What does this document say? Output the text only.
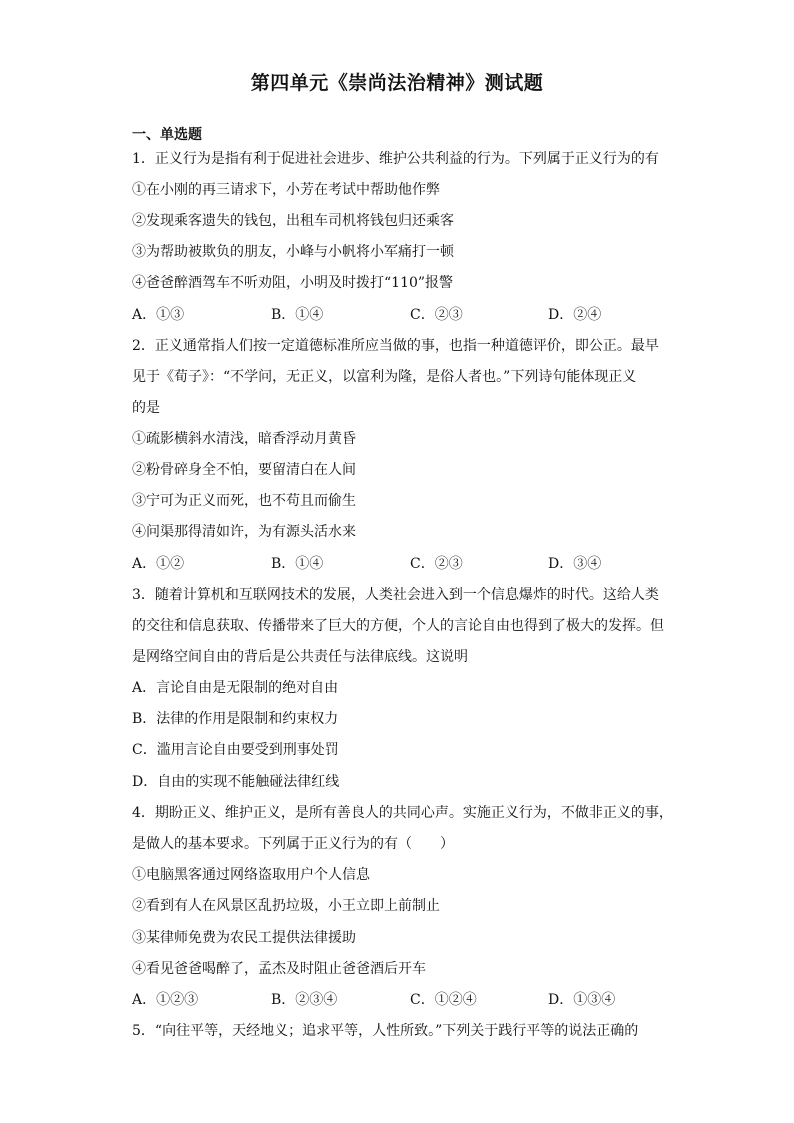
第四单元《崇尚法治精神》测试题
一、单选题
1．正义行为是指有利于促进社会进步、维护公共利益的行为。下列属于正义行为的有
①在小刚的再三请求下，小芳在考试中帮助他作弊
②发现乘客遗失的钱包，出租车司机将钱包归还乘客
③为帮助被欺负的朋友，小峰与小帆将小军痛打一顿
④爸爸醉酒驾车不听劝阻，小明及时拨打“110”报警
A．①③	B．①④	C．②③	D．②④
2．正义通常指人们按一定道德标准所应当做的事，也指一种道德评价，即公正。最早
见于《荀子》：“不学问，无正义，以富利为隆，是俗人者也。”下列诗句能体现正义
的是
①疏影横斜水清浅，暗香浮动月黄昏
②粉骨碎身全不怕，要留清白在人间
③宁可为正义而死，也不苟且而偷生
④问渠那得清如许，为有源头活水来
A．①②	B．①④	C．②③	D．③④
3．随着计算机和互联网技术的发展，人类社会进入到一个信息爆炸的时代。这给人类
的交往和信息获取、传播带来了巨大的方便，个人的言论自由也得到了极大的发挥。但
是网络空间自由的背后是公共责任与法律底线。这说明
A．言论自由是无限制的绝对自由
B．法律的作用是限制和约束权力
C．滥用言论自由要受到刑事处罚
D．自由的实现不能触碰法律红线
4．期盼正义、维护正义，是所有善良人的共同心声。实施正义行为，不做非正义的事，
是做人的基本要求。下列属于正义行为的有（　　）
①电脑黑客通过网络盗取用户个人信息
②看到有人在风景区乱扔垃圾，小王立即上前制止
③某律师免费为农民工提供法律援助
④看见爸爸喝醉了，孟杰及时阻止爸爸酒后开车
A．①②③	B．②③④	C．①②④	D．①③④
5．“向往平等，天经地义；追求平等，人性所致。”下列关于践行平等的说法正确的
